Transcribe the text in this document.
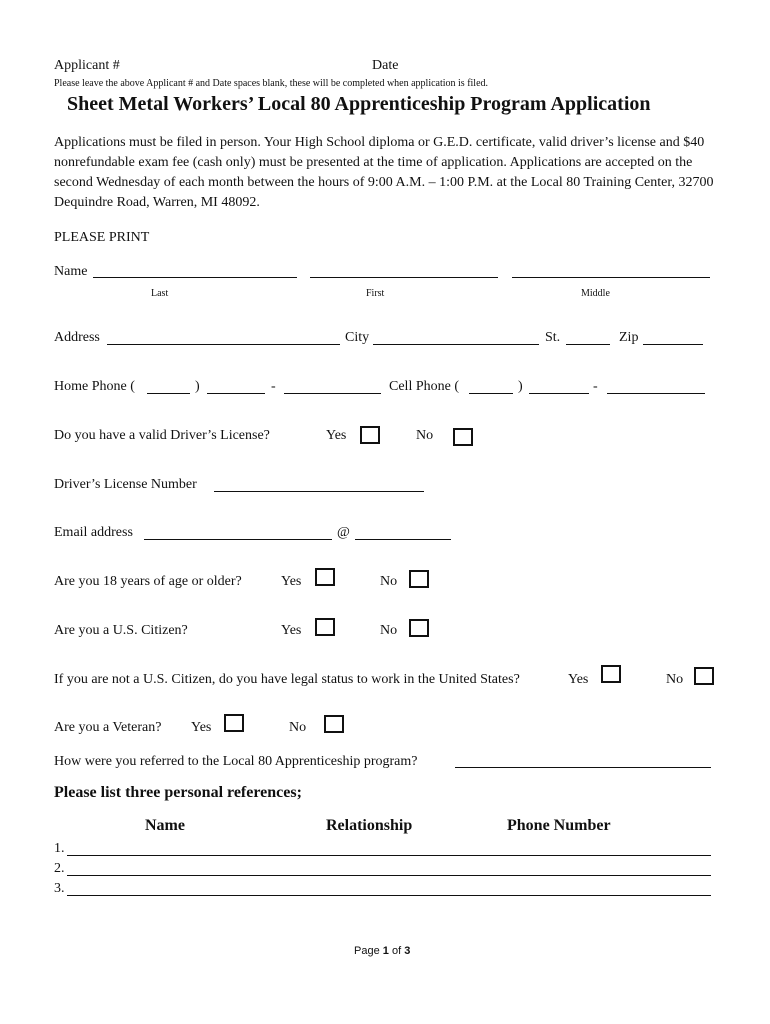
Applicant #	Date
Please leave the above Applicant # and Date spaces blank, these will be completed when application is filed.
Sheet Metal Workers’ Local 80 Apprenticeship Program Application
Applications must be filed in person. Your High School diploma or G.E.D. certificate, valid driver’s license and $40 nonrefundable exam fee (cash only) must be presented at the time of application. Applications are accepted on the second Wednesday of each month between the hours of 9:00 A.M. – 1:00 P.M. at the Local 80 Training Center, 32700 Dequindre Road, Warren, MI 48092.
PLEASE PRINT
Name
Last	First	Middle
Address	City	St.	Zip
Home Phone (	)	-	Cell Phone (	)	-
Do you have a valid Driver’s License?	Yes	No
Driver’s License Number
Email address	@
Are you 18 years of age or older?	Yes	No
Are you a U.S. Citizen?	Yes	No
If you are not a U.S. Citizen, do you have legal status to work in the United States?	Yes	No
Are you a Veteran? Yes	No
How were you referred to the Local 80 Apprenticeship program?
Please list three personal references;
Name	Relationship	Phone Number
1.
2.
3.
Page 1 of 3
